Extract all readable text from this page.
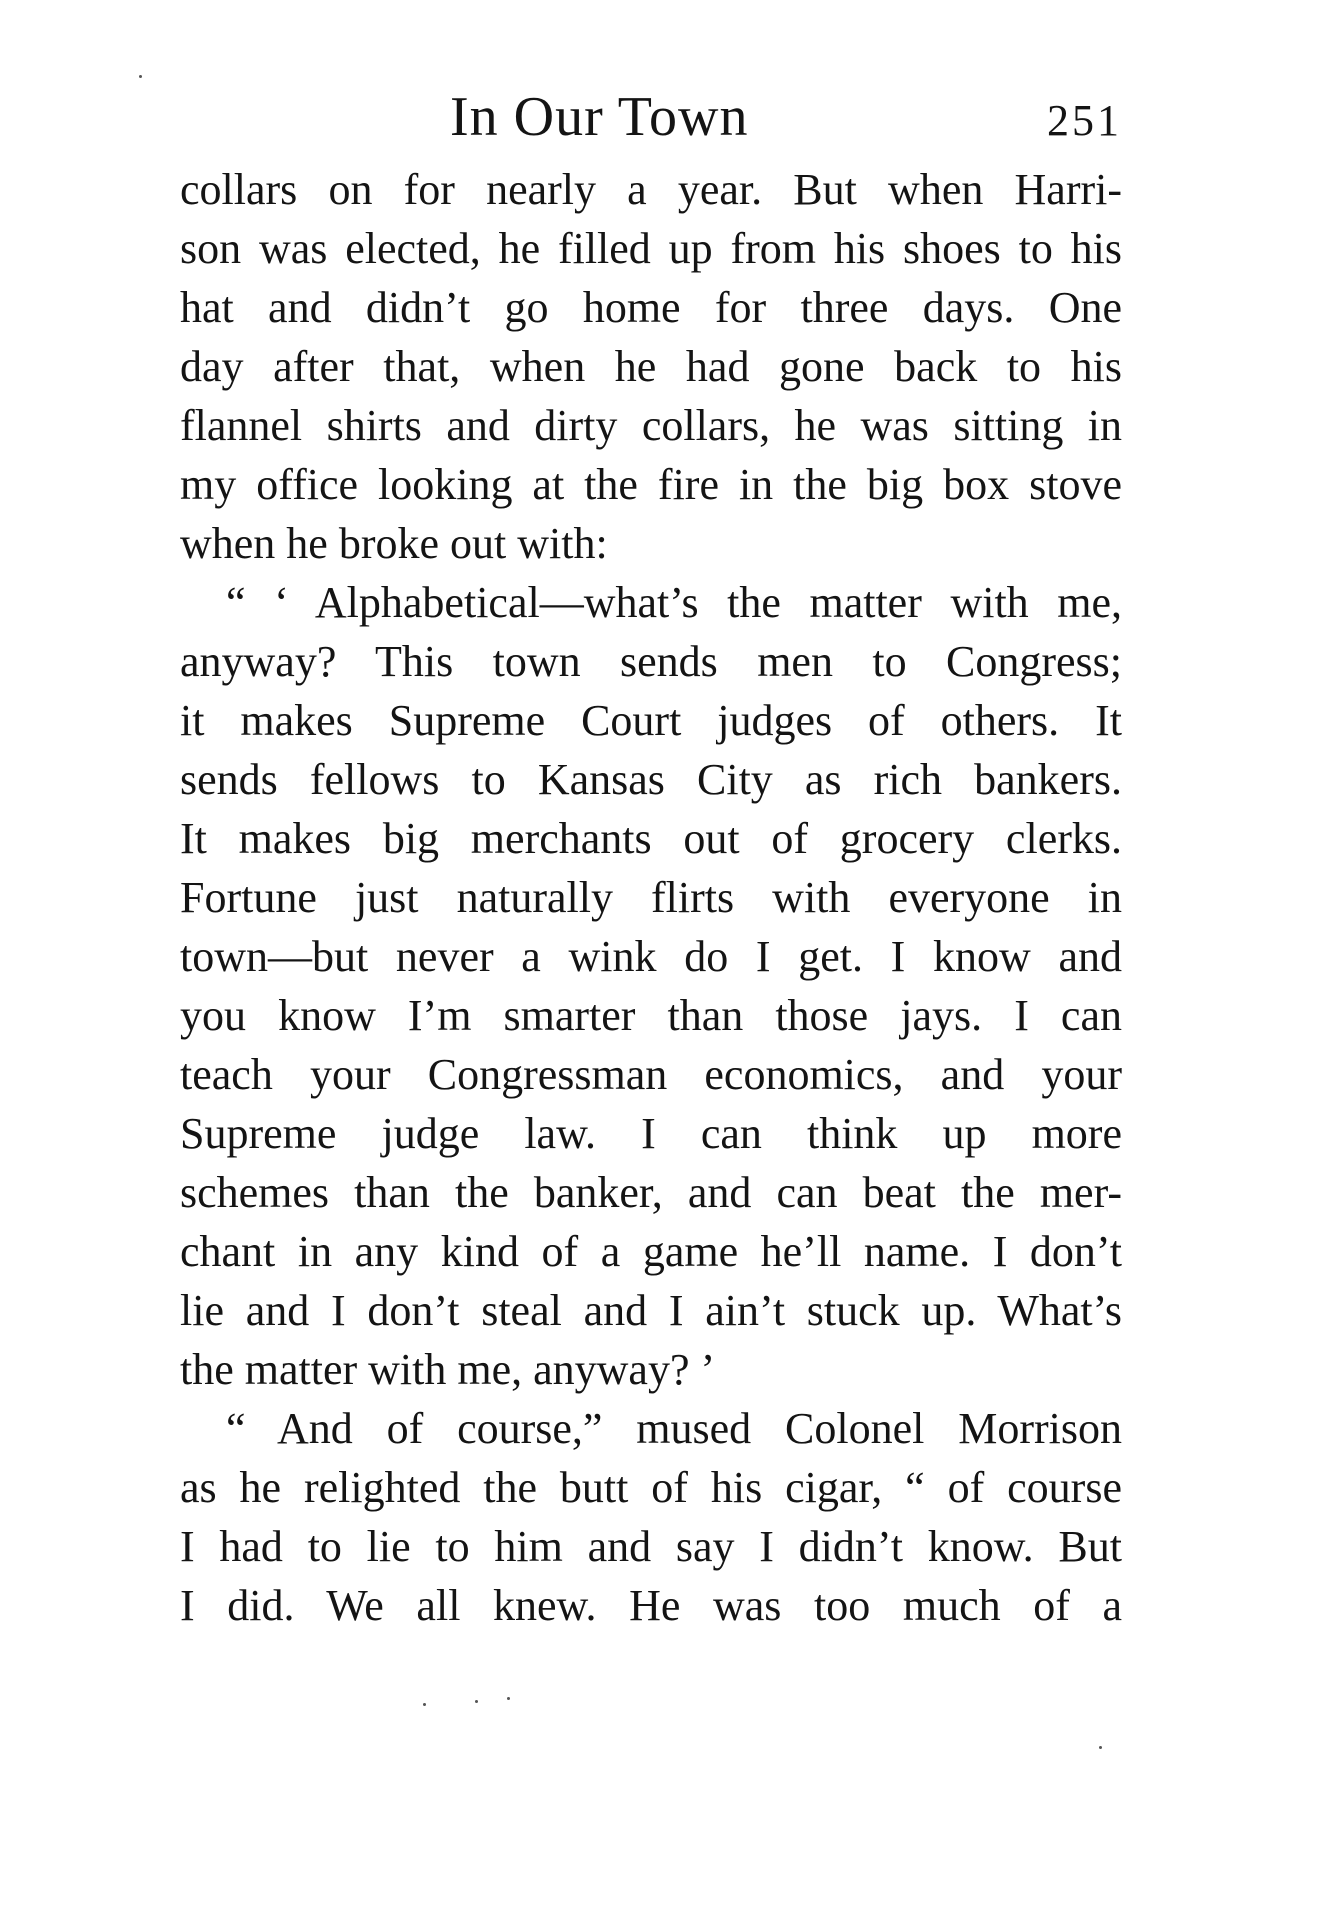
In Our Town	251
collars on for nearly a year. But when Harri-
son was elected, he filled up from his shoes to his
hat and didn’t go home for three days. One
day after that, when he had gone back to his
flannel shirts and dirty collars, he was sitting in
my office looking at the fire in the big box stove
when he broke out with:
“ ‘ Alphabetical—what’s the matter with me,
anyway? This town sends men to Congress;
it makes Supreme Court judges of others. It
sends fellows to Kansas City as rich bankers.
It makes big merchants out of grocery clerks.
Fortune just naturally flirts with everyone in
town—but never a wink do I get. I know and
you know I’m smarter than those jays. I can
teach your Congressman economics, and your
Supreme judge law. I can think up more
schemes than the banker, and can beat the mer-
chant in any kind of a game he’ll name. I don’t
lie and I don’t steal and I ain’t stuck up. What’s
the matter with me, anyway? ’
“ And of course,” mused Colonel Morrison
as he relighted the butt of his cigar, “ of course
I had to lie to him and say I didn’t know. But
I did. We all knew. He was too much of a
